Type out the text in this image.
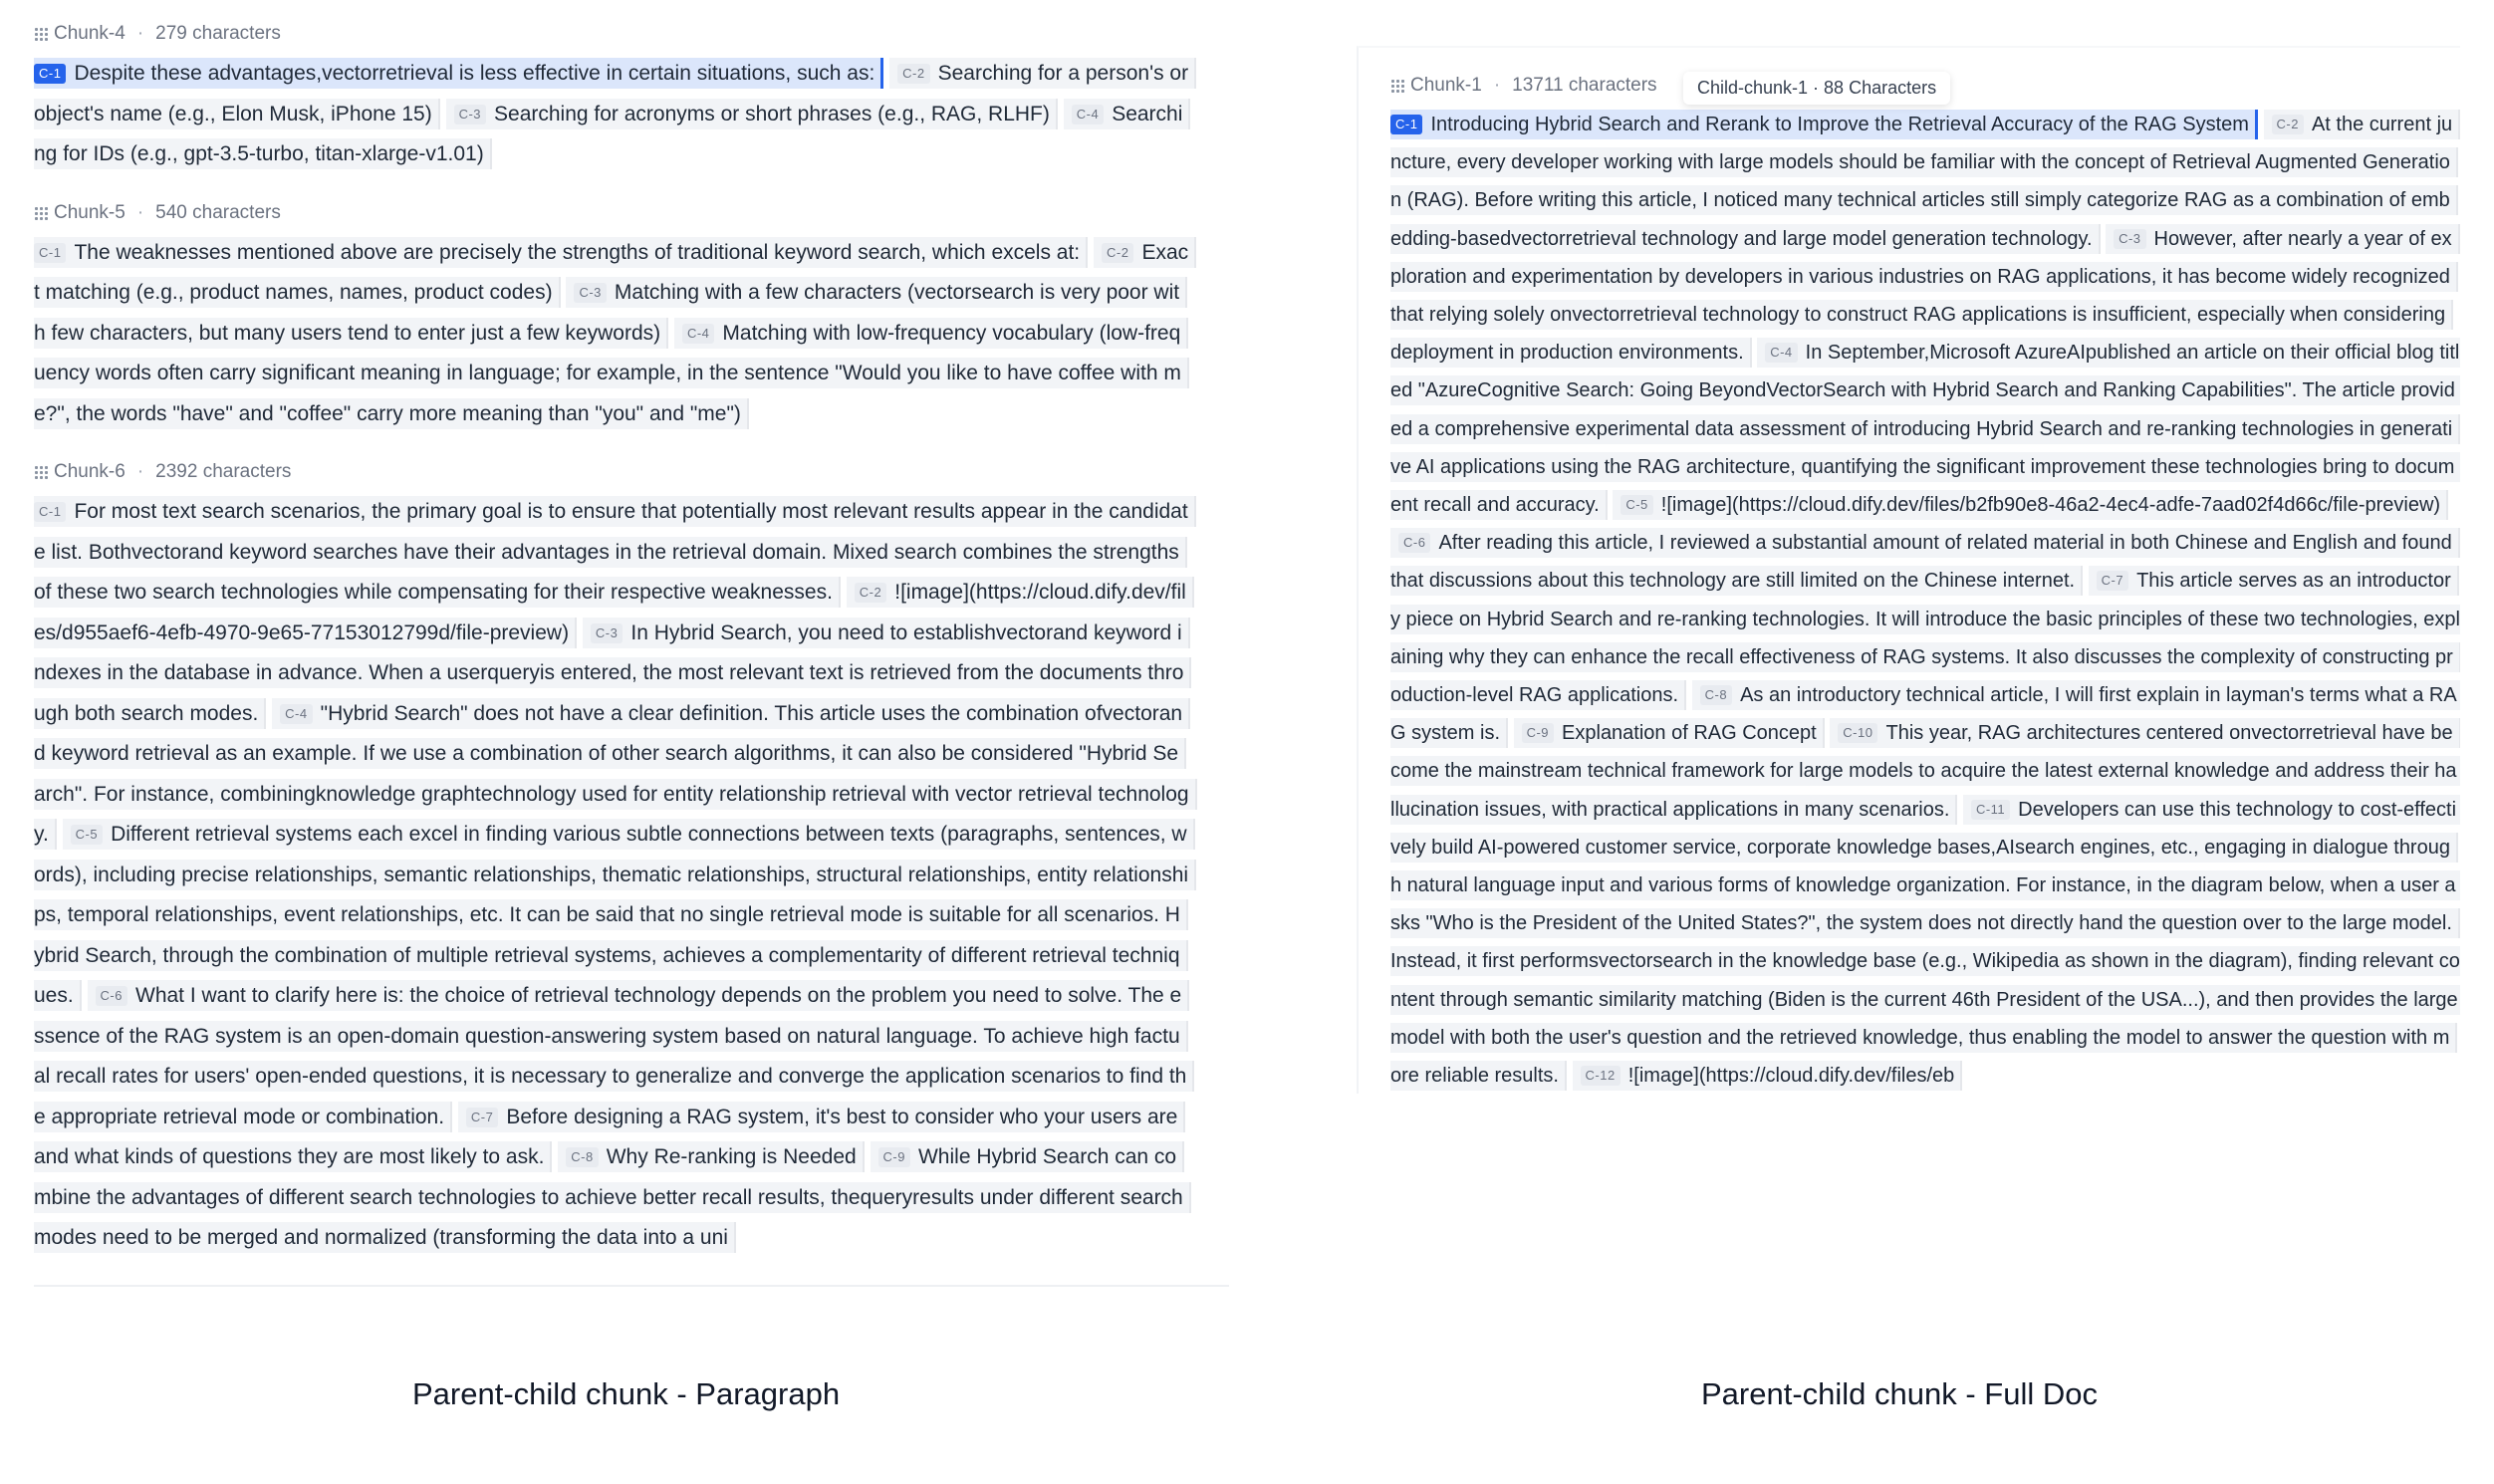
Chunk-4 · 279 characters
C-1 Despite these advantages,vectorretrieval is less effective in certain situations, such as: C-2 Searching for a person's or object's name (e.g., Elon Musk, iPhone 15) C-3 Searching for acronyms or short phrases (e.g., RAG, RLHF) C-4 Searching for IDs (e.g., gpt-3.5-turbo, titan-xlarge-v1.01)
Chunk-5 · 540 characters
C-1 The weaknesses mentioned above are precisely the strengths of traditional keyword search, which excels at: C-2 Exact matching (e.g., product names, names, product codes) C-3 Matching with a few characters (vectorsearch is very poor with few characters, but many users tend to enter just a few keywords) C-4 Matching with low-frequency vocabulary (low-frequency words often carry significant meaning in language; for example, in the sentence "Would you like to have coffee with me?", the words "have" and "coffee" carry more meaning than "you" and "me")
Chunk-6 · 2392 characters
C-1 For most text search scenarios, the primary goal is to ensure that potentially most relevant results appear in the candidate list. Bothvectorand keyword searches have their advantages in the retrieval domain. Mixed search combines the strengths of these two search technologies while compensating for their respective weaknesses. C-2 ![image](https://cloud.dify.dev/files/d955aef6-4efb-4970-9e65-77153012799d/file-preview) C-3 In Hybrid Search, you need to establishvectorand keyword indexes in the database in advance. When a userqueryis entered, the most relevant text is retrieved from the documents through both search modes. C-4 "Hybrid Search" does not have a clear definition. This article uses the combination ofvectorand keyword retrieval as an example. If we use a combination of other search algorithms, it can also be considered "Hybrid Search". For instance, combiningknowledge graphtechnology used for entity relationship retrieval with vector retrieval technology. C-5 Different retrieval systems each excel in finding various subtle connections between texts (paragraphs, sentences, words), including precise relationships, semantic relationships, thematic relationships, structural relationships, entity relationships, temporal relationships, event relationships, etc. It can be said that no single retrieval mode is suitable for all scenarios. Hybrid Search, through the combination of multiple retrieval systems, achieves a complementarity of different retrieval techniques. C-6 What I want to clarify here is: the choice of retrieval technology depends on the problem you need to solve. The essence of the RAG system is an open-domain question-answering system based on natural language. To achieve high factual recall rates for users' open-ended questions, it is necessary to generalize and converge the application scenarios to find the appropriate retrieval mode or combination. C-7 Before designing a RAG system, it's best to consider who your users are and what kinds of questions they are most likely to ask. C-8 Why Re-ranking is Needed C-9 While Hybrid Search can combine the advantages of different search technologies to achieve better recall results, thequeryresults under different search modes need to be merged and normalized (transforming the data into a uni
Chunk-1 · 13711 characters
C-1 Introducing Hybrid Search and Rerank to Improve the Retrieval Accuracy of the RAG System C-2 At the current juncture, every developer working with large models should be familiar with the concept of Retrieval Augmented Generation (RAG). Before writing this article, I noticed many technical articles still simply categorize RAG as a combination of embedding-basedvectorretrieval technology and large model generation technology. C-3 However, after nearly a year of exploration and experimentation by developers in various industries on RAG applications, it has become widely recognized that relying solely onvectorretrieval technology to construct RAG applications is insufficient, especially when considering deployment in production environments. C-4 In September,Microsoft AzureAIpublished an article on their official blog titled "AzureCognitive Search: Going BeyondVectorSearch with Hybrid Search and Ranking Capabilities". The article provided a comprehensive experimental data assessment of introducing Hybrid Search and re-ranking technologies in generative AI applications using the RAG architecture, quantifying the significant improvement these technologies bring to document recall and accuracy. C-5 ![image](https://cloud.dify.dev/files/b2fb90e8-46a2-4ec4-adfe-7aad02f4d66c/file-preview) C-6 After reading this article, I reviewed a substantial amount of related material in both Chinese and English and found that discussions about this technology are still limited on the Chinese internet. C-7 This article serves as an introductory piece on Hybrid Search and re-ranking technologies. It will introduce the basic principles of these two technologies, explaining why they can enhance the recall effectiveness of RAG systems. It also discusses the complexity of constructing production-level RAG applications. C-8 As an introductory technical article, I will first explain in layman's terms what a RAG system is. C-9 Explanation of RAG Concept C-10 This year, RAG architectures centered onvectorretrieval have become the mainstream technical framework for large models to acquire the latest external knowledge and address their hallucination issues, with practical applications in many scenarios. C-11 Developers can use this technology to cost-effectively build AI-powered customer service, corporate knowledge bases,AIsearch engines, etc., engaging in dialogue through natural language input and various forms of knowledge organization. For instance, in the diagram below, when a user asks "Who is the President of the United States?", the system does not directly hand the question over to the large model. Instead, it first performsvectorsearch in the knowledge base (e.g., Wikipedia as shown in the diagram), finding relevant content through semantic similarity matching (Biden is the current 46th President of the USA...), and then provides the large model with both the user's question and the retrieved knowledge, thus enabling the model to answer the question with more reliable results. C-12 ![image](https://cloud.dify.dev/files/eb
Child-chunk-1 · 88 Characters
Parent-child chunk - Paragraph	Parent-child chunk - Full Doc
